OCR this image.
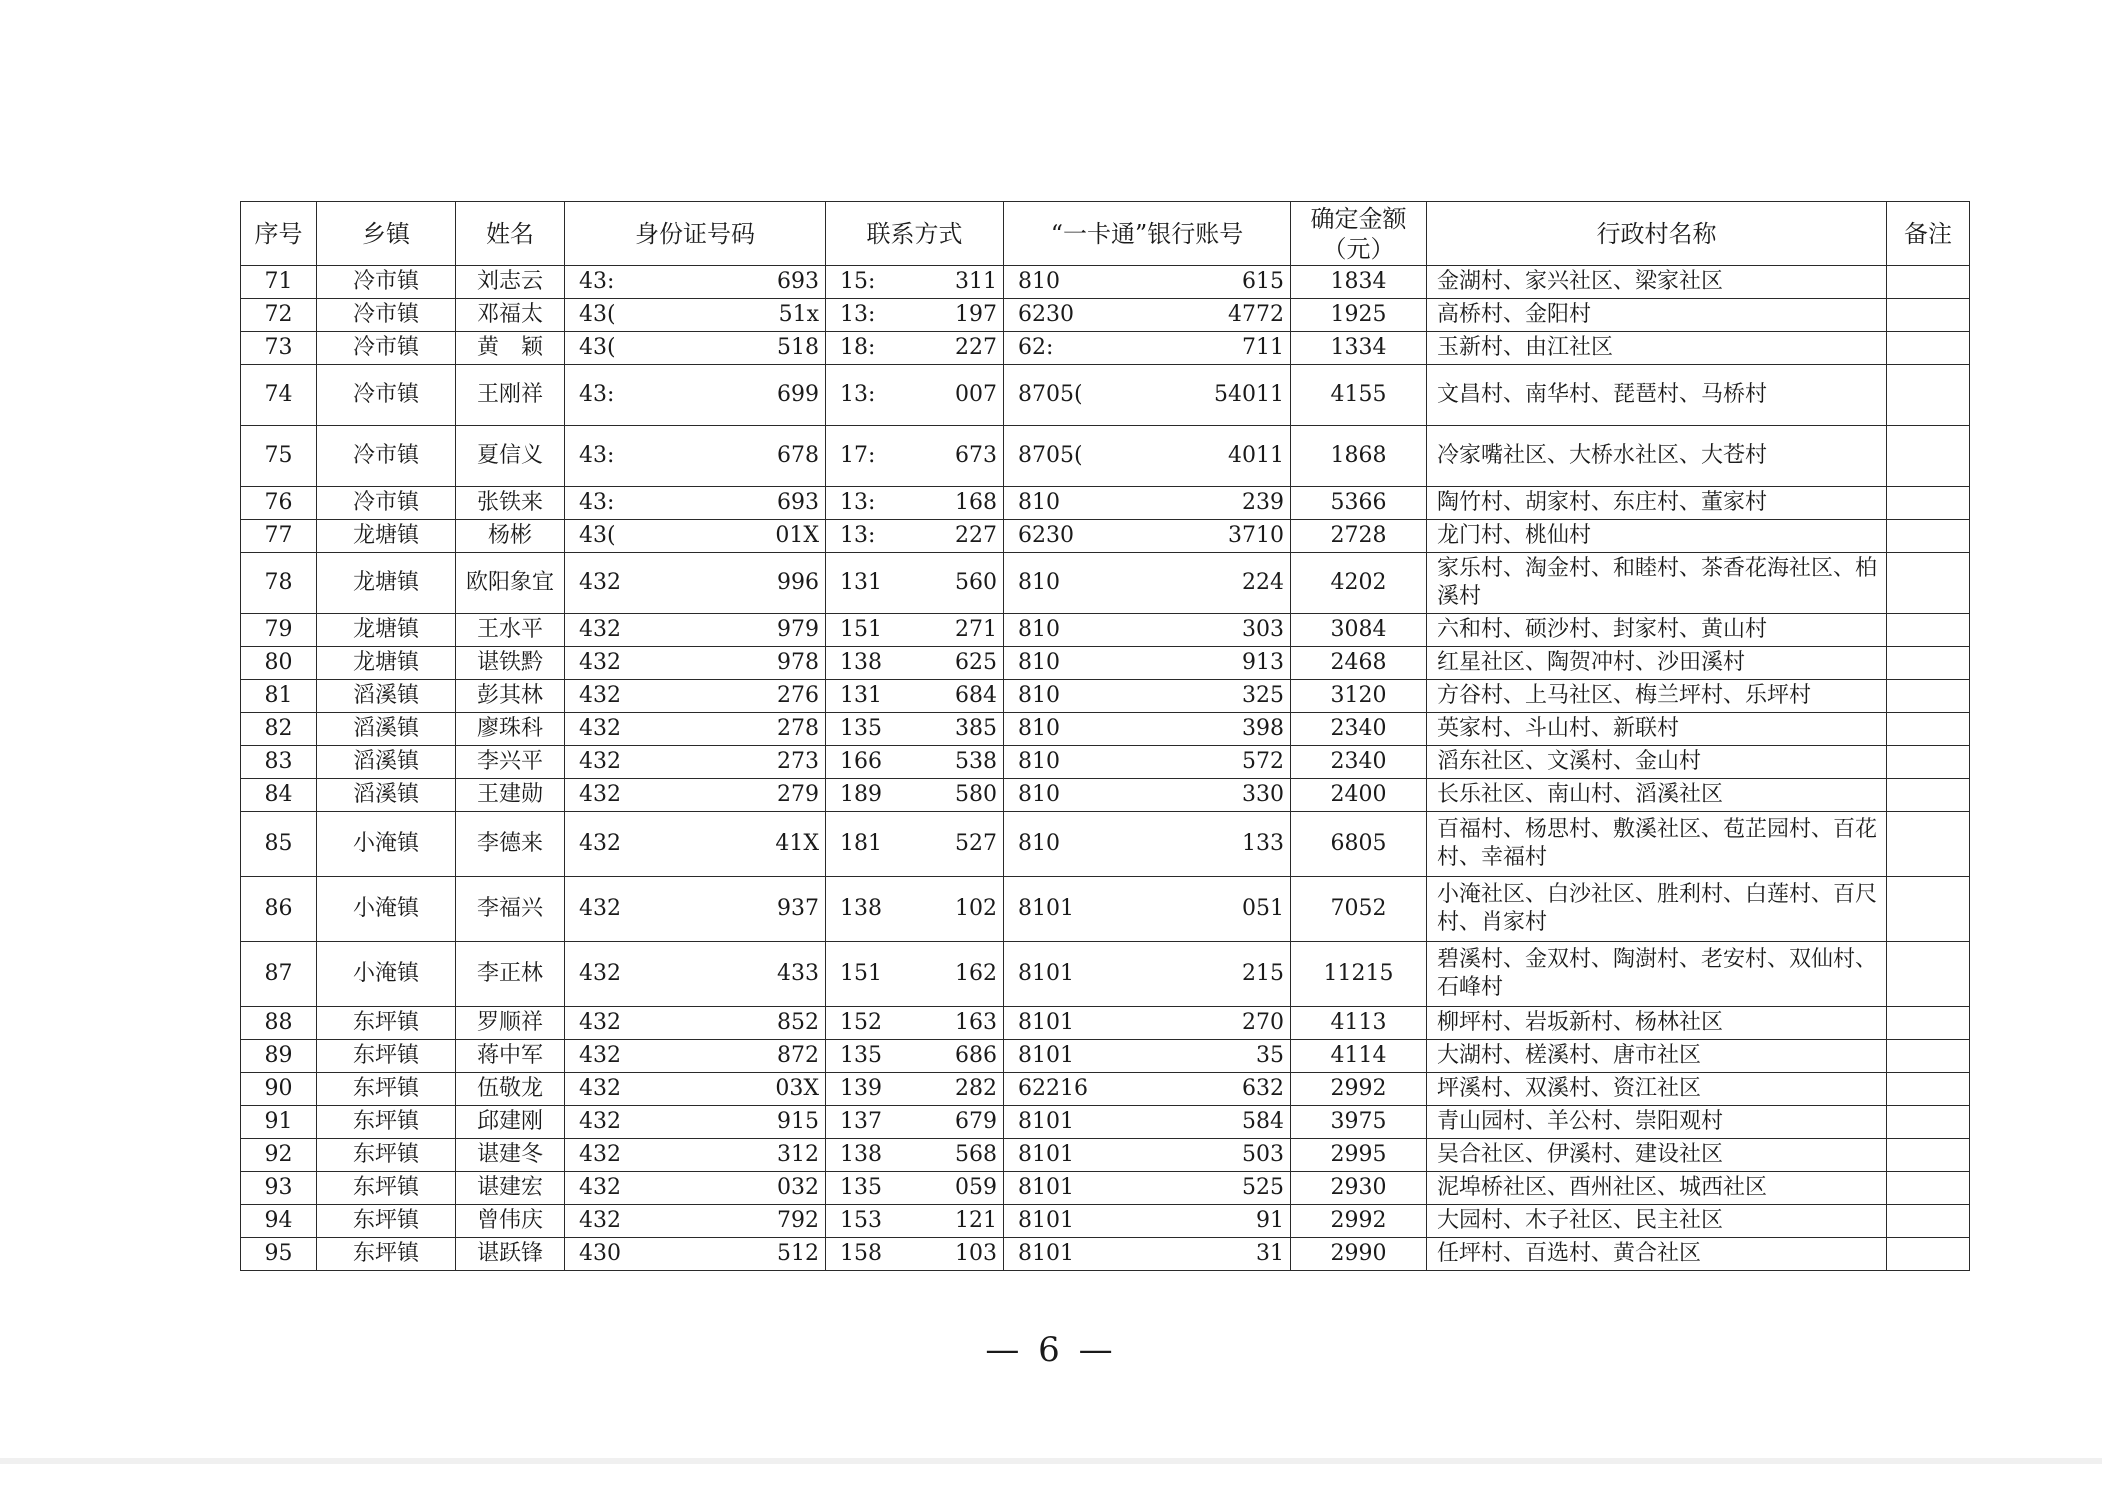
序号	乡镇	姓名	身份证号码	联系方式	“一卡通”银行账号	确定金额（元）	行政村名称	备注
71	冷市镇	刘志云	43: 693	15: 311	810 615	1834	金湖村、家兴社区、梁家社区	
72	冷市镇	邓福太	43( 51x	13: 197	6230 4772	1925	高桥村、金阳村	
73	冷市镇	黄　颖	43( 518	18: 227	62: 711	1334	玉新村、由江社区	
74	冷市镇	王刚祥	43: 699	13: 007	8705( 54011	4155	文昌村、南华村、琵琶村、马桥村	
75	冷市镇	夏信义	43: 678	17: 673	8705( 4011	1868	冷家嘴社区、大桥水社区、大苍村	
76	冷市镇	张铁来	43: 693	13: 168	810 239	5366	陶竹村、胡家村、东庄村、董家村	
77	龙塘镇	杨彬	43( 01X	13: 227	6230 3710	2728	龙门村、桃仙村	
78	龙塘镇	欧阳象宜	432 996	131 560	810 224	4202	家乐村、淘金村、和睦村、茶香花海社区、柏溪村	
79	龙塘镇	王水平	432 979	151 271	810 303	3084	六和村、硕沙村、封家村、黄山村	
80	龙塘镇	谌铁黔	432 978	138 625	810 913	2468	红星社区、陶贺冲村、沙田溪村	
81	滔溪镇	彭其林	432 276	131 684	810 325	3120	方谷村、上马社区、梅兰坪村、乐坪村	
82	滔溪镇	廖珠科	432 278	135 385	810 398	2340	英家村、斗山村、新联村	
83	滔溪镇	李兴平	432 273	166 538	810 572	2340	滔东社区、文溪村、金山村	
84	滔溪镇	王建勋	432 279	189 580	810 330	2400	长乐社区、南山村、滔溪社区	
85	小淹镇	李德来	432 41X	181 527	810 133	6805	百福村、杨思村、敷溪社区、苞芷园村、百花村、幸福村	
86	小淹镇	李福兴	432 937	138 102	8101 051	7052	小淹社区、白沙社区、胜利村、白莲村、百尺村、肖家村	
87	小淹镇	李正林	432 433	151 162	8101 215	11215	碧溪村、金双村、陶澍村、老安村、双仙村、石峰村	
88	东坪镇	罗顺祥	432 852	152 163	8101 270	4113	柳坪村、岩坂新村、杨林社区	
89	东坪镇	蒋中军	432 872	135 686	8101 35	4114	大湖村、槎溪村、唐市社区	
90	东坪镇	伍敬龙	432 03X	139 282	62216 632	2992	坪溪村、双溪村、资江社区	
91	东坪镇	邱建刚	432 915	137 679	8101 584	3975	青山园村、羊公村、崇阳观村	
92	东坪镇	谌建冬	432 312	138 568	8101 503	2995	吴合社区、伊溪村、建设社区	
93	东坪镇	谌建宏	432 032	135 059	8101 525	2930	泥埠桥社区、酉州社区、城西社区	
94	东坪镇	曾伟庆	432 792	153 121	8101 91	2992	大园村、木子社区、民主社区	
95	东坪镇	谌跃锋	430 512	158 103	8101 31	2990	任坪村、百选村、黄合社区	
— 6 —
